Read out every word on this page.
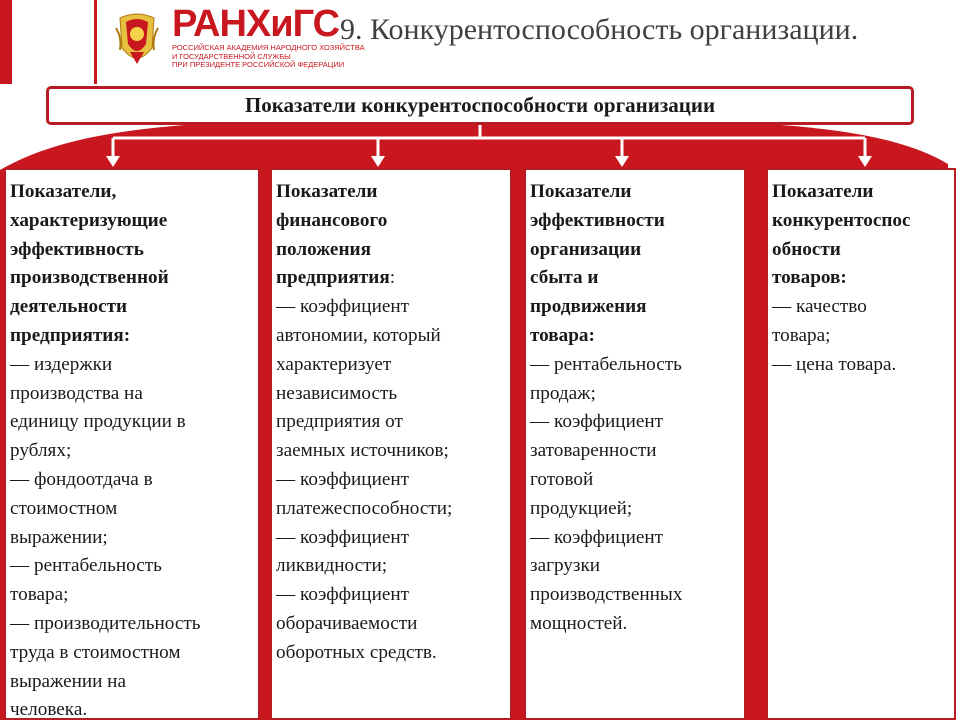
РАНХиГС
РОССИЙСКАЯ АКАДЕМИЯ НАРОДНОГО ХОЗЯЙСТВА
И ГОСУДАРСТВЕННОЙ СЛУЖБЫ
ПРИ ПРЕЗИДЕНТЕ РОССИЙСКОЙ ФЕДЕРАЦИИ
9. Конкурентоспособность организации.
Показатели конкурентоспособности организации
Показатели,
характеризующие
эффективность
производственной
деятельности
предприятия:
— издержки
производства на
единицу продукции в
рублях;
— фондоотдача в
стоимостном
выражении;
— рентабельность
товара;
— производительность
труда в стоимостном
выражении на
человека.
Показатели
финансового
положения
предприятия:
— коэффициент
автономии, который
характеризует
независимость
предприятия от
заемных источников;
— коэффициент
платежеспособности;
— коэффициент
ликвидности;
— коэффициент
оборачиваемости
оборотных средств.
Показатели
эффективности
организации
сбыта и
продвижения
товара:
— рентабельность
продаж;
— коэффициент
затоваренности
готовой
продукцией;
— коэффициент
загрузки
производственных
мощностей.
Показатели
конкурентоспос
обности
товаров:
— качество
товара;
— цена товара.
